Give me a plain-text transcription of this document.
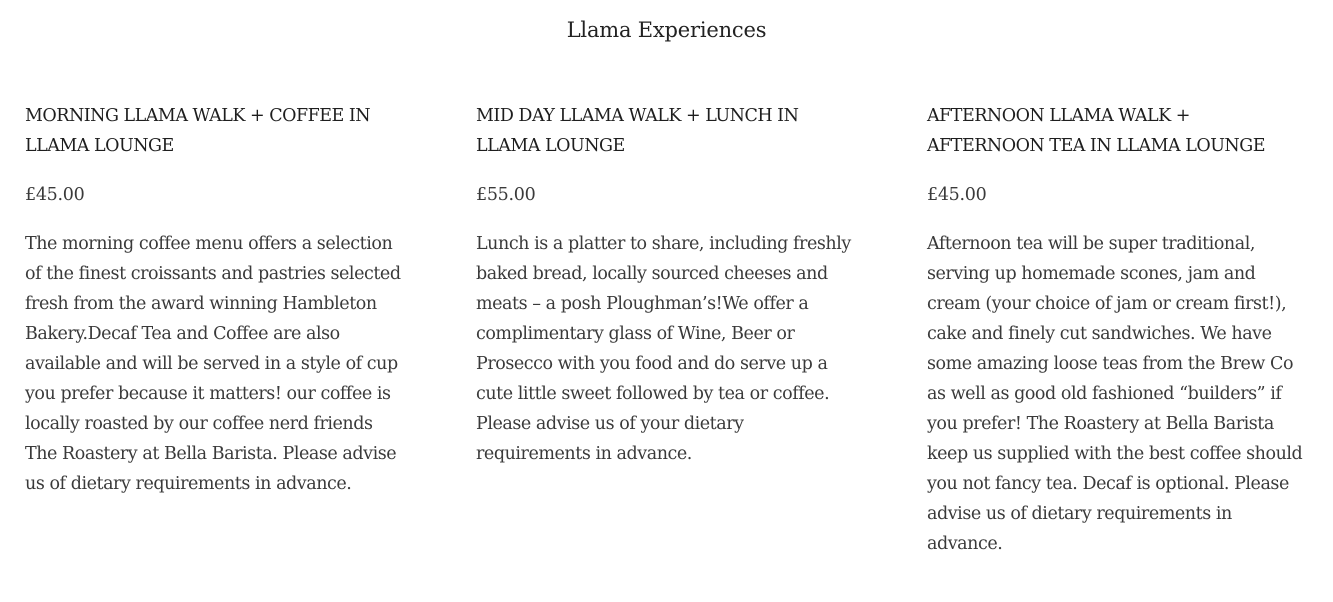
Llama Experiences
MORNING LLAMA WALK + COFFEE IN LLAMA LOUNGE

£45.00

The morning coffee menu offers a selection of the finest croissants and pastries selected fresh from the award winning Hambleton Bakery.Decaf Tea and Coffee are also available and will be served in a style of cup you prefer because it matters! our coffee is locally roasted by our coffee nerd friends The Roastery at Bella Barista. Please advise us of dietary requirements in advance.

MID DAY LLAMA WALK + LUNCH IN LLAMA LOUNGE

£55.00

Lunch is a platter to share, including freshly baked bread, locally sourced cheeses and meats – a posh Ploughman’s!We offer a complimentary glass of Wine, Beer or Prosecco with you food and do serve up a cute little sweet followed by tea or coffee. Please advise us of your dietary requirements in advance.

AFTERNOON LLAMA WALK + AFTERNOON TEA IN LLAMA LOUNGE

£45.00

Afternoon tea will be super traditional, serving up homemade scones, jam and cream (your choice of jam or cream first!), cake and finely cut sandwiches. We have some amazing loose teas from the Brew Co as well as good old fashioned “builders” if you prefer! The Roastery at Bella Barista keep us supplied with the best coffee should you not fancy tea. Decaf is optional. Please advise us of dietary requirements in advance.
